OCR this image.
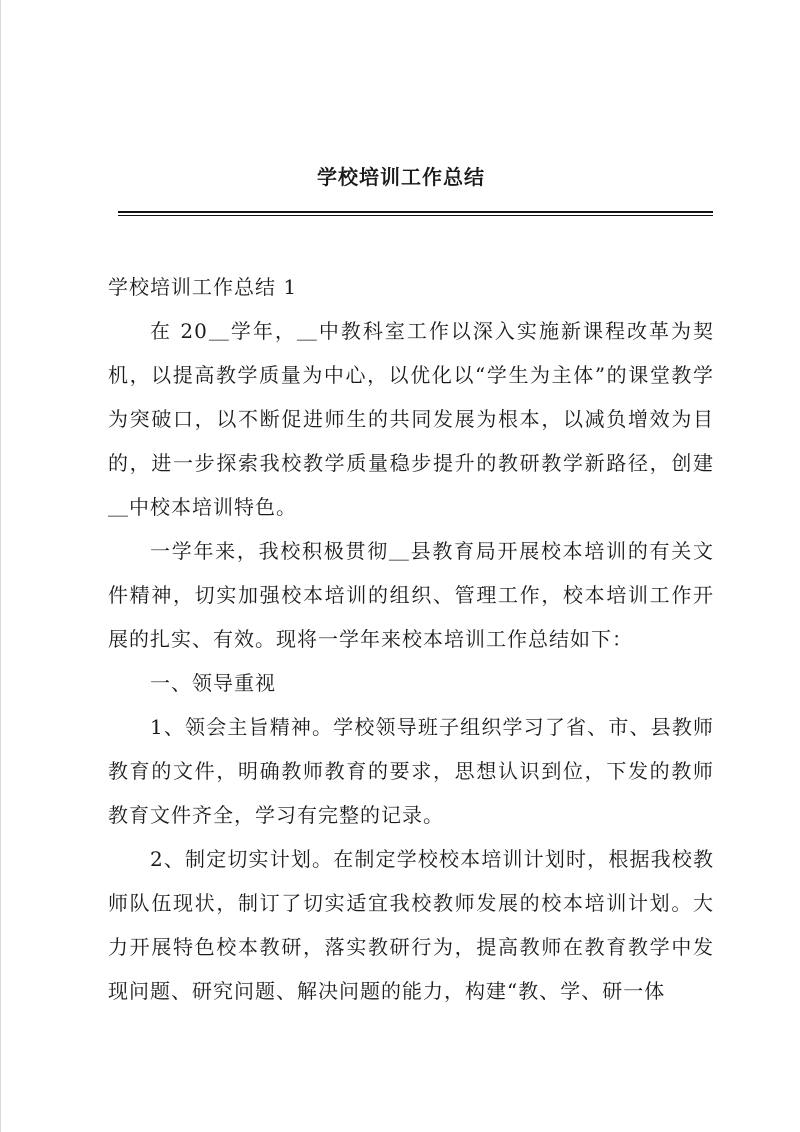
学校培训工作总结

学校培训工作总结 1

在 20＿学年，＿中教科室工作以深入实施新课程改革为契机，以提高教学质量为中心，以优化以“学生为主体”的课堂教学为突破口，以不断促进师生的共同发展为根本，以减负增效为目的，进一步探索我校教学质量稳步提升的教研教学新路径，创建＿中校本培训特色。

一学年来，我校积极贯彻＿县教育局开展校本培训的有关文件精神，切实加强校本培训的组织、管理工作，校本培训工作开展的扎实、有效。现将一学年来校本培训工作总结如下：

一、领导重视

1、领会主旨精神。学校领导班子组织学习了省、市、县教师教育的文件，明确教师教育的要求，思想认识到位，下发的教师教育文件齐全，学习有完整的记录。

2、制定切实计划。在制定学校校本培训计划时，根据我校教师队伍现状，制订了切实适宜我校教师发展的校本培训计划。大力开展特色校本教研，落实教研行为，提高教师在教育教学中发现问题、研究问题、解决问题的能力，构建“教、学、研一体
